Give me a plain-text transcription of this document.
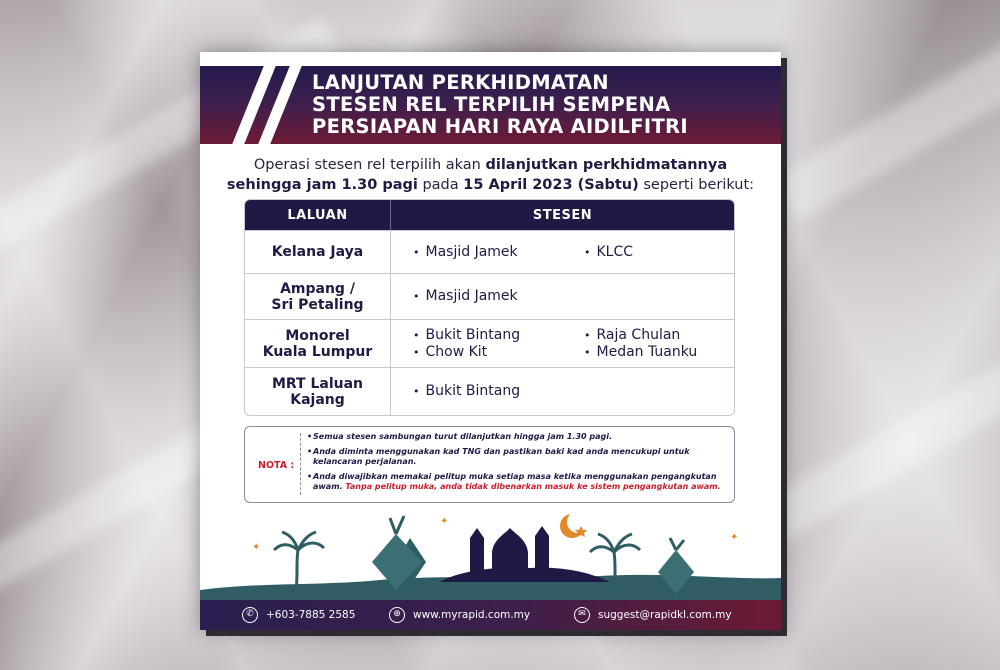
LANJUTAN PERKHIDMATAN
STESEN REL TERPILIH SEMPENA
PERSIAPAN HARI RAYA AIDILFITRI

Operasi stesen rel terpilih akan dilanjutkan perkhidmatannya
sehingga jam 1.30 pagi pada 15 April 2023 (Sabtu) seperti berikut:

LALUAN	STESEN
Kelana Jaya	• Masjid Jamek • KLCC

Ampang /
Sri Petaling	• Masjid Jamek

Monorel
Kuala Lumpur	• Bukit Bintang • Raja Chulan
• Chow Kit • Medan Tuanku

MRT Laluan
Kajang	• Bukit Bintang
NOTA :
• Semua stesen sambungan turut dilanjutkan hingga jam 1.30 pagi.
• Anda diminta menggunakan kad TNG dan pastikan baki kad anda mencukupi untuk kelancaran perjalanan.
• Anda diwajibkan memakai pelitup muka setiap masa ketika menggunakan pengangkutan awam. Tanpa pelitup muka, anda tidak dibenarkan masuk ke sistem pengangkutan awam.
✦
✦
✦
✆ +603-7885 2585	⊕ www.myrapid.com.my	✉ suggest@rapidkl.com.my
